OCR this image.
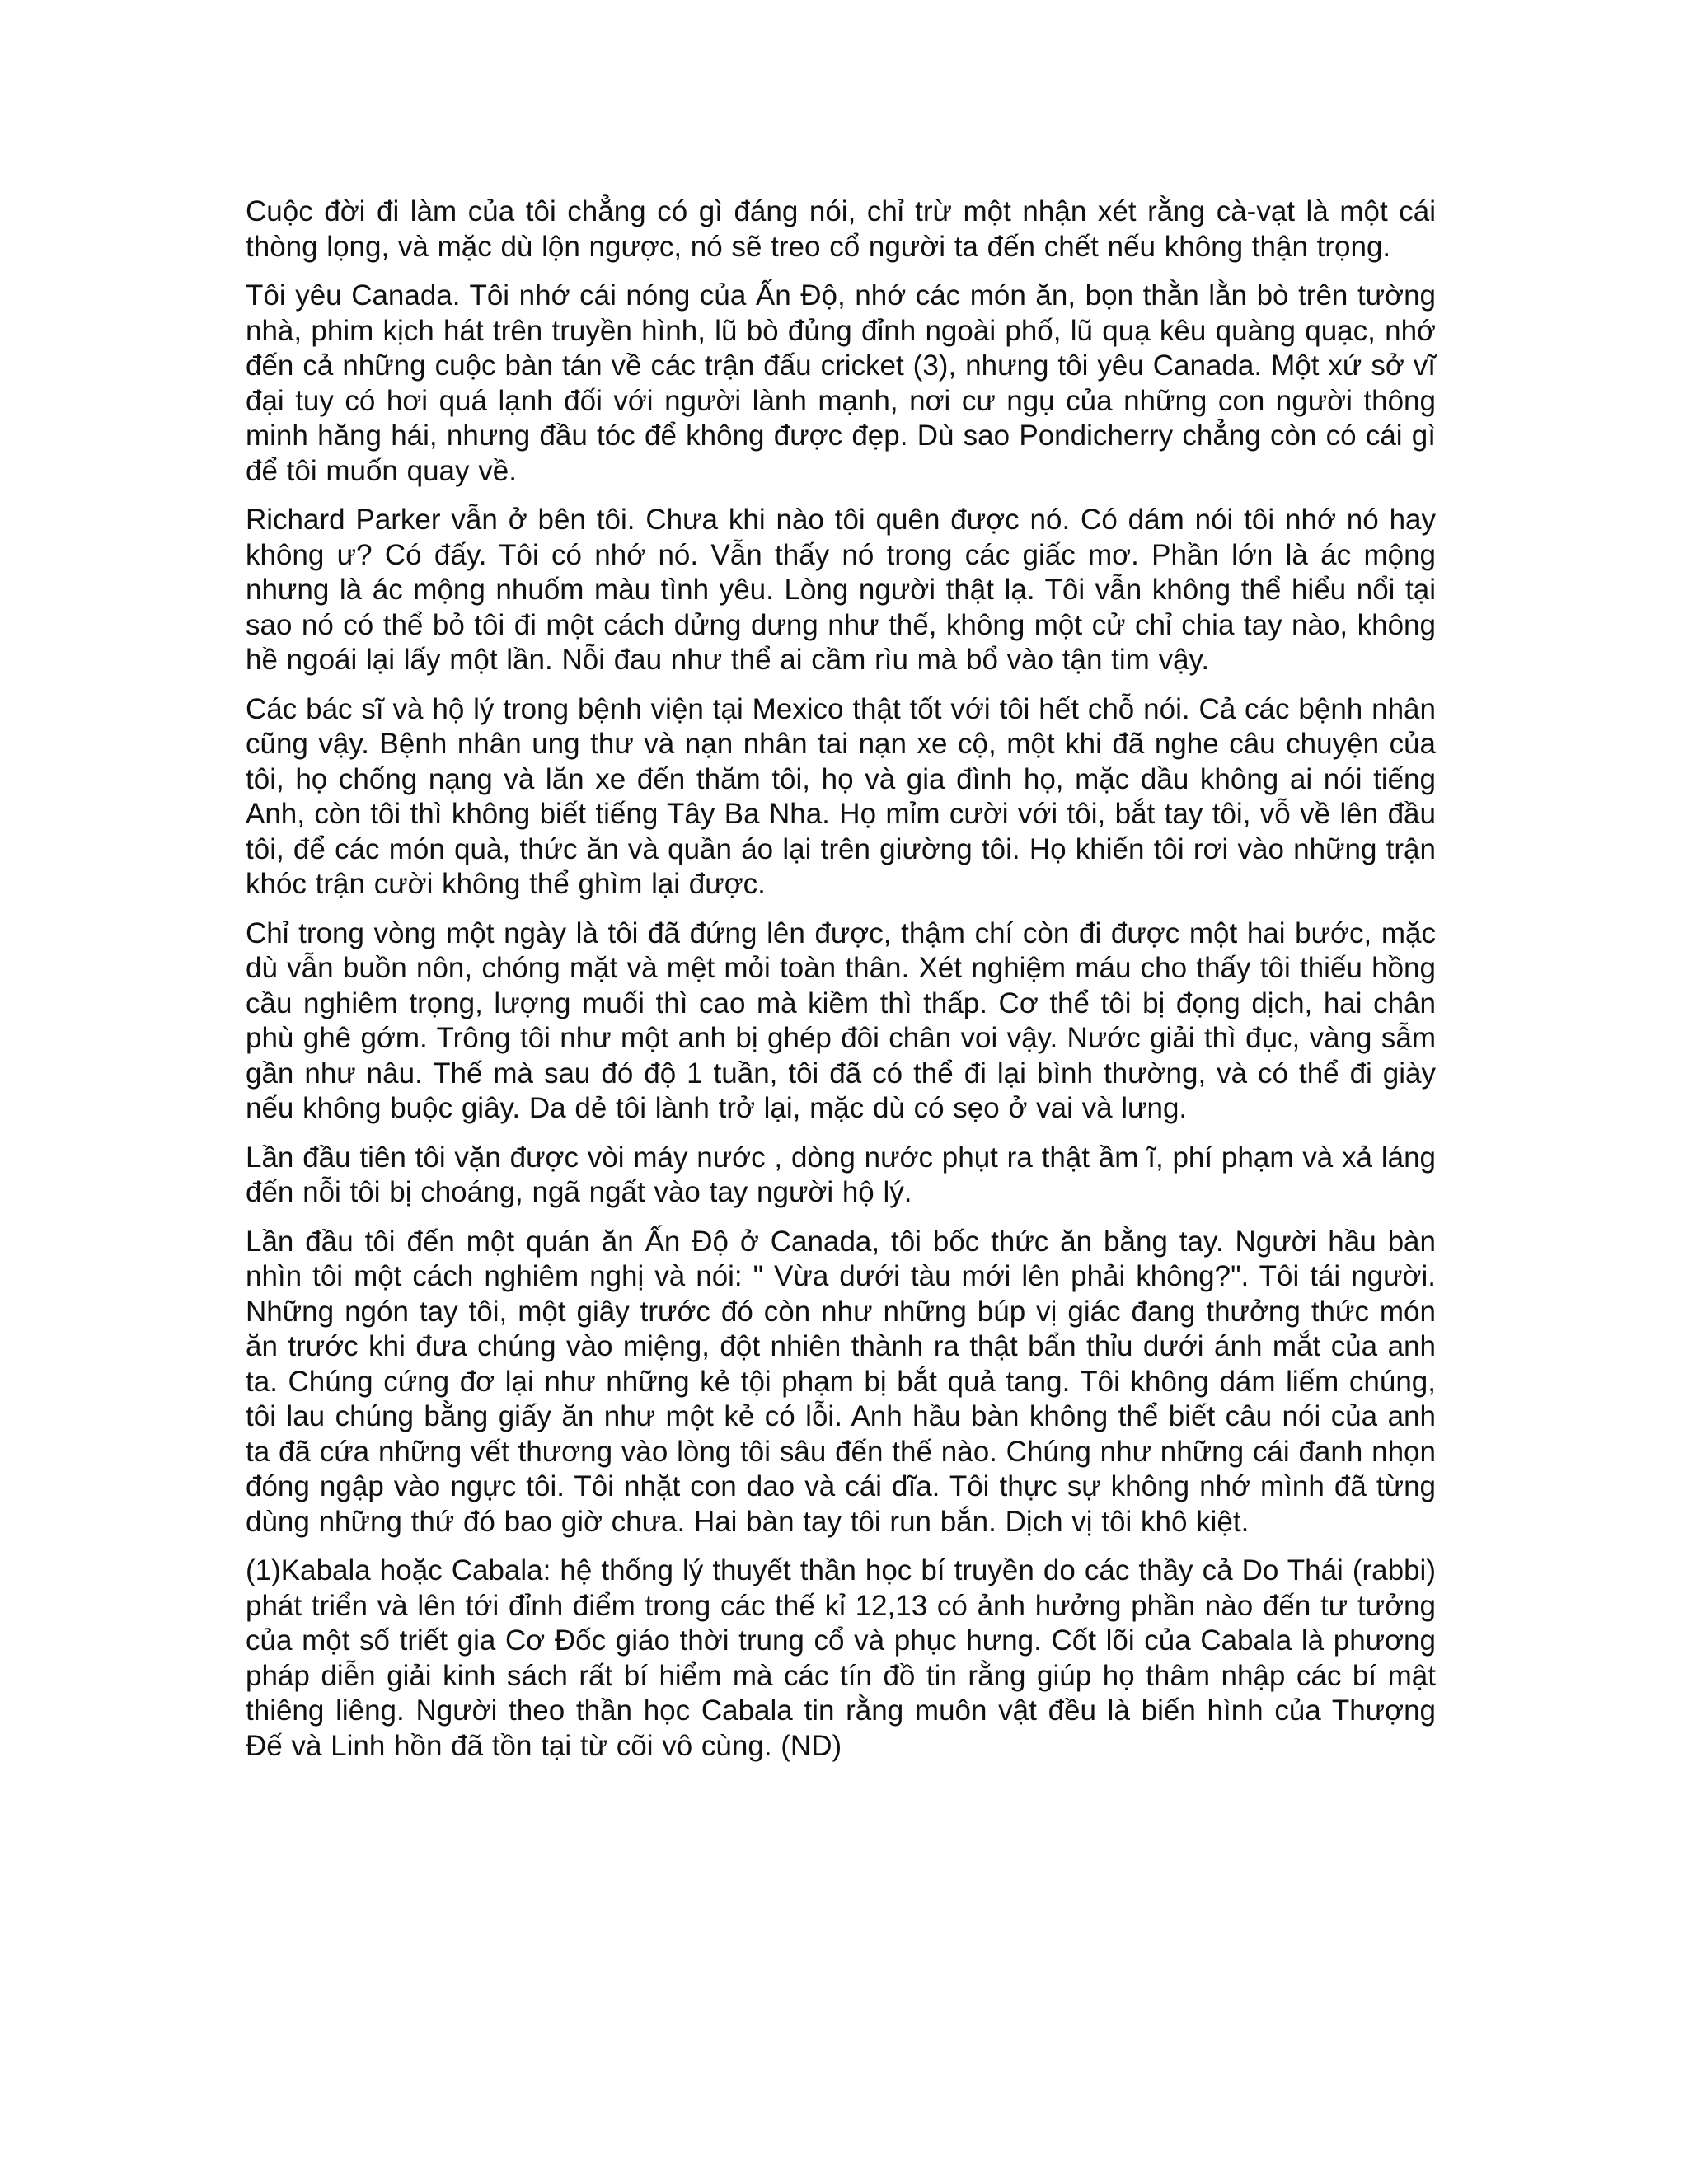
Cuộc đời đi làm của tôi chẳng có gì đáng nói, chỉ trừ một nhận xét rằng cà-vạt là một cái thòng lọng, và mặc dù lộn ngược, nó sẽ treo cổ người ta đến chết nếu không thận trọng.

Tôi yêu Canada. Tôi nhớ cái nóng của Ấn Độ, nhớ các món ăn, bọn thằn lằn bò trên tường nhà, phim kịch hát trên truyền hình, lũ bò đủng đỉnh ngoài phố, lũ quạ kêu quàng quạc, nhớ đến cả những cuộc bàn tán về các trận đấu cricket (3), nhưng tôi yêu Canada. Một xứ sở vĩ đại tuy có hơi quá lạnh đối với người lành mạnh, nơi cư ngụ của những con người thông minh hăng hái, nhưng đầu tóc để không được đẹp. Dù sao Pondicherry chẳng còn có cái gì để tôi muốn quay về.

Richard Parker vẫn ở bên tôi. Chưa khi nào tôi quên được nó. Có dám nói tôi nhớ nó hay không ư? Có đấy. Tôi có nhớ nó. Vẫn thấy nó trong các giấc mơ. Phần lớn là ác mộng nhưng là ác mộng nhuốm màu tình yêu. Lòng người thật lạ. Tôi vẫn không thể hiểu nổi tại sao nó có thể bỏ tôi đi một cách dửng dưng như thế, không một cử chỉ chia tay nào, không hề ngoái lại lấy một lần. Nỗi đau như thể ai cầm rìu mà bổ vào tận tim vậy.

Các bác sĩ và hộ lý trong bệnh viện tại Mexico thật tốt với tôi hết chỗ nói. Cả các bệnh nhân cũng vậy. Bệnh nhân ung thư và nạn nhân tai nạn xe cộ, một khi đã nghe câu chuyện của tôi, họ chống nạng và lăn xe đến thăm tôi, họ và gia đình họ, mặc dầu không ai nói tiếng Anh, còn tôi thì không biết tiếng Tây Ba Nha. Họ mỉm cười với tôi, bắt tay tôi, vỗ về lên đầu tôi, để các món quà, thức ăn và quần áo lại trên giường tôi. Họ khiến tôi rơi vào những trận khóc trận cười không thể ghìm lại được.

Chỉ trong vòng một ngày là tôi đã đứng lên được, thậm chí còn đi được một hai bước, mặc dù vẫn buồn nôn, chóng mặt và mệt mỏi toàn thân. Xét nghiệm máu cho thấy tôi thiếu hồng cầu nghiêm trọng, lượng muối thì cao mà kiềm thì thấp. Cơ thể tôi bị đọng dịch, hai chân phù ghê gớm. Trông tôi như một anh bị ghép đôi chân voi vậy. Nước giải thì đục, vàng sẫm gần như nâu. Thế mà sau đó độ 1 tuần, tôi đã có thể đi lại bình thường, và có thể đi giày nếu không buộc giây. Da dẻ tôi lành trở lại, mặc dù có sẹo ở vai và lưng.

Lần đầu tiên tôi vặn được vòi máy nước , dòng nước phụt ra thật ầm ĩ, phí phạm và xả láng đến nỗi tôi bị choáng, ngã ngất vào tay người hộ lý.

Lần đầu tôi đến một quán ăn Ấn Độ ở Canada, tôi bốc thức ăn bằng tay. Người hầu bàn nhìn tôi một cách nghiêm nghị và nói: " Vừa dưới tàu mới lên phải không?". Tôi tái người. Những ngón tay tôi, một giây trước đó còn như những búp vị giác đang thưởng thức món ăn trước khi đưa chúng vào miệng, đột nhiên thành ra thật bẩn thỉu dưới ánh mắt của anh ta. Chúng cứng đơ lại như những kẻ tội phạm bị bắt quả tang. Tôi không dám liếm chúng, tôi lau chúng bằng giấy ăn như một kẻ có lỗi. Anh hầu bàn không thể biết câu nói của anh ta đã cứa những vết thương vào lòng tôi sâu đến thế nào. Chúng như những cái đanh nhọn đóng ngập vào ngực tôi. Tôi nhặt con dao và cái dĩa. Tôi thực sự không nhớ mình đã từng dùng những thứ đó bao giờ chưa. Hai bàn tay tôi run bắn. Dịch vị tôi khô kiệt.

(1)Kabala hoặc Cabala: hệ thống lý thuyết thần học bí truyền do các thầy cả Do Thái (rabbi) phát triển và lên tới đỉnh điểm trong các thế kỉ 12,13 có ảnh hưởng phần nào đến tư tưởng của một số triết gia Cơ Đốc giáo thời trung cổ và phục hưng. Cốt lõi của Cabala là phương pháp diễn giải kinh sách rất bí hiểm mà các tín đồ tin rằng giúp họ thâm nhập các bí mật thiêng liêng. Người theo thần học Cabala tin rằng muôn vật đều là biến hình của Thượng Đế và Linh hồn đã tồn tại từ cõi vô cùng. (ND)
